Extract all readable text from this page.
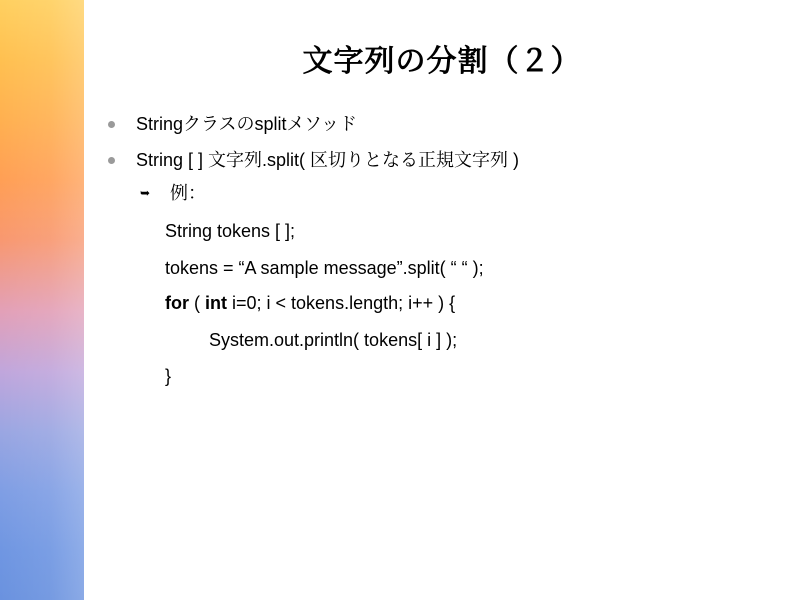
文字列の分割（２）
Stringクラスのsplitメソッド
String [ ] 文字列.split( 区切りとなる正規文字列 )
➥ 例：
String tokens [ ];
tokens = “A sample message”.split( “ “ );
for ( int i=0; i < tokens.length; i++ ) {
System.out.println( tokens[ i ] );
}
